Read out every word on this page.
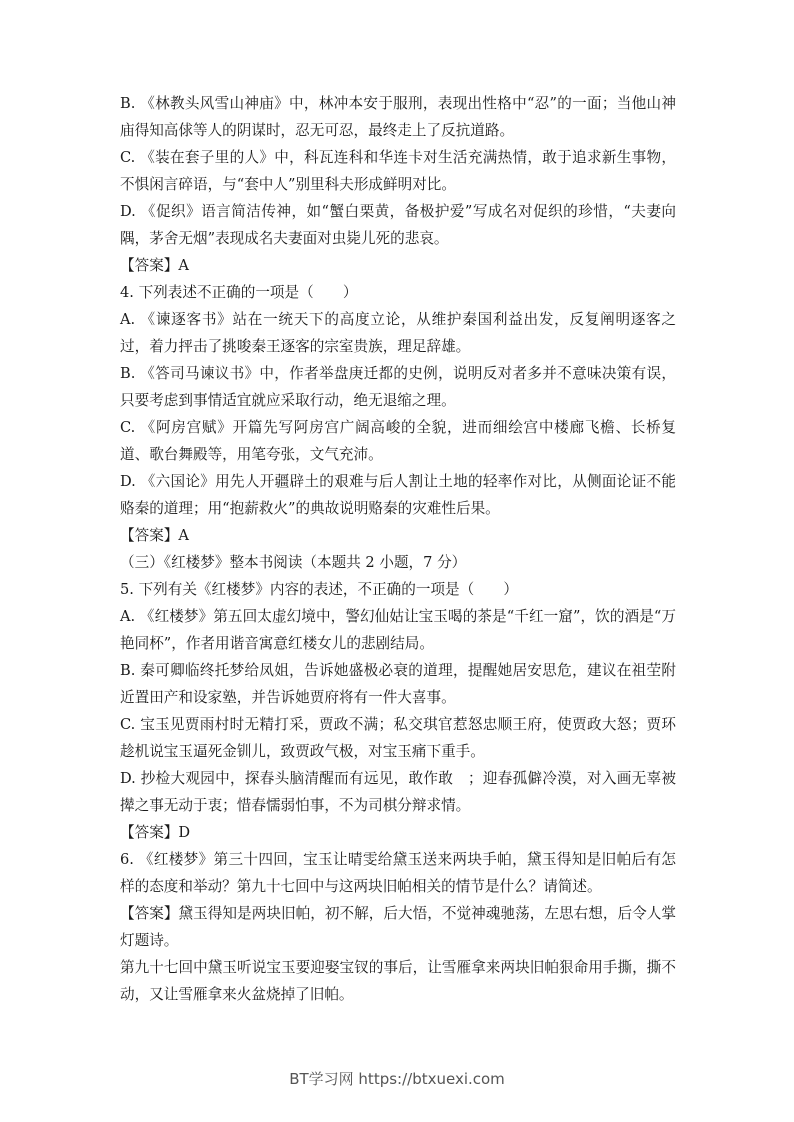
B. 《林教头风雪山神庙》中，林冲本安于服刑，表现出性格中“忍”的一面；当他山神庙得知高俅等人的阴谋时，忍无可忍，最终走上了反抗道路。

C. 《装在套子里的人》中，科瓦连科和华连卡对生活充满热情，敢于追求新生事物，不惧闲言碎语，与“套中人”别里科夫形成鲜明对比。

D. 《促织》语言简洁传神，如“蟹白栗黄，备极护爱”写成名对促织的珍惜，“夫妻向隅，茅舍无烟”表现成名夫妻面对虫毙儿死的悲哀。

【答案】A

4. 下列表述不正确的一项是（　　）

A. 《谏逐客书》站在一统天下的高度立论，从维护秦国利益出发，反复阐明逐客之过，着力抨击了挑唆秦王逐客的宗室贵族，理足辞雄。

B. 《答司马谏议书》中，作者举盘庚迁都的史例，说明反对者多并不意味决策有误，只要考虑到事情适宜就应采取行动，绝无退缩之理。

C. 《阿房宫赋》开篇先写阿房宫广阔高峻的全貌，进而细绘宫中楼廊飞檐、长桥复道、歌台舞殿等，用笔夸张，文气充沛。

D. 《六国论》用先人开疆辟土的艰难与后人割让土地的轻率作对比，从侧面论证不能赂秦的道理；用“抱薪救火”的典故说明赂秦的灾难性后果。

【答案】A

（三）《红楼梦》整本书阅读（本题共 2 小题，7 分）

5. 下列有关《红楼梦》内容的表述，不正确的一项是（　　）

A. 《红楼梦》第五回太虚幻境中，警幻仙姑让宝玉喝的茶是“千红一窟”，饮的酒是“万艳同杯”，作者用谐音寓意红楼女儿的悲剧结局。

B. 秦可卿临终托梦给凤姐，告诉她盛极必衰的道理，提醒她居安思危，建议在祖茔附近置田产和设家塾，并告诉她贾府将有一件大喜事。

C. 宝玉见贾雨村时无精打采，贾政不满；私交琪官惹怒忠顺王府，使贾政大怒；贾环趁机说宝玉逼死金钏儿，致贾政气极，对宝玉痛下重手。

D. 抄检大观园中，探春头脑清醒而有远见，敢作敢　；迎春孤僻冷漠，对入画无辜被撵之事无动于衷；惜春懦弱怕事，不为司棋分辩求情。

【答案】D

6. 《红楼梦》第三十四回，宝玉让晴雯给黛玉送来两块手帕，黛玉得知是旧帕后有怎样的态度和举动？第九十七回中与这两块旧帕相关的情节是什么？请简述。

【答案】黛玉得知是两块旧帕，初不解，后大悟，不觉神魂驰荡，左思右想，后令人掌灯题诗。

第九十七回中黛玉听说宝玉要迎娶宝钗的事后，让雪雁拿来两块旧帕狠命用手撕，撕不动，又让雪雁拿来火盆烧掉了旧帕。

BT学习网 https://btxuexi.com
